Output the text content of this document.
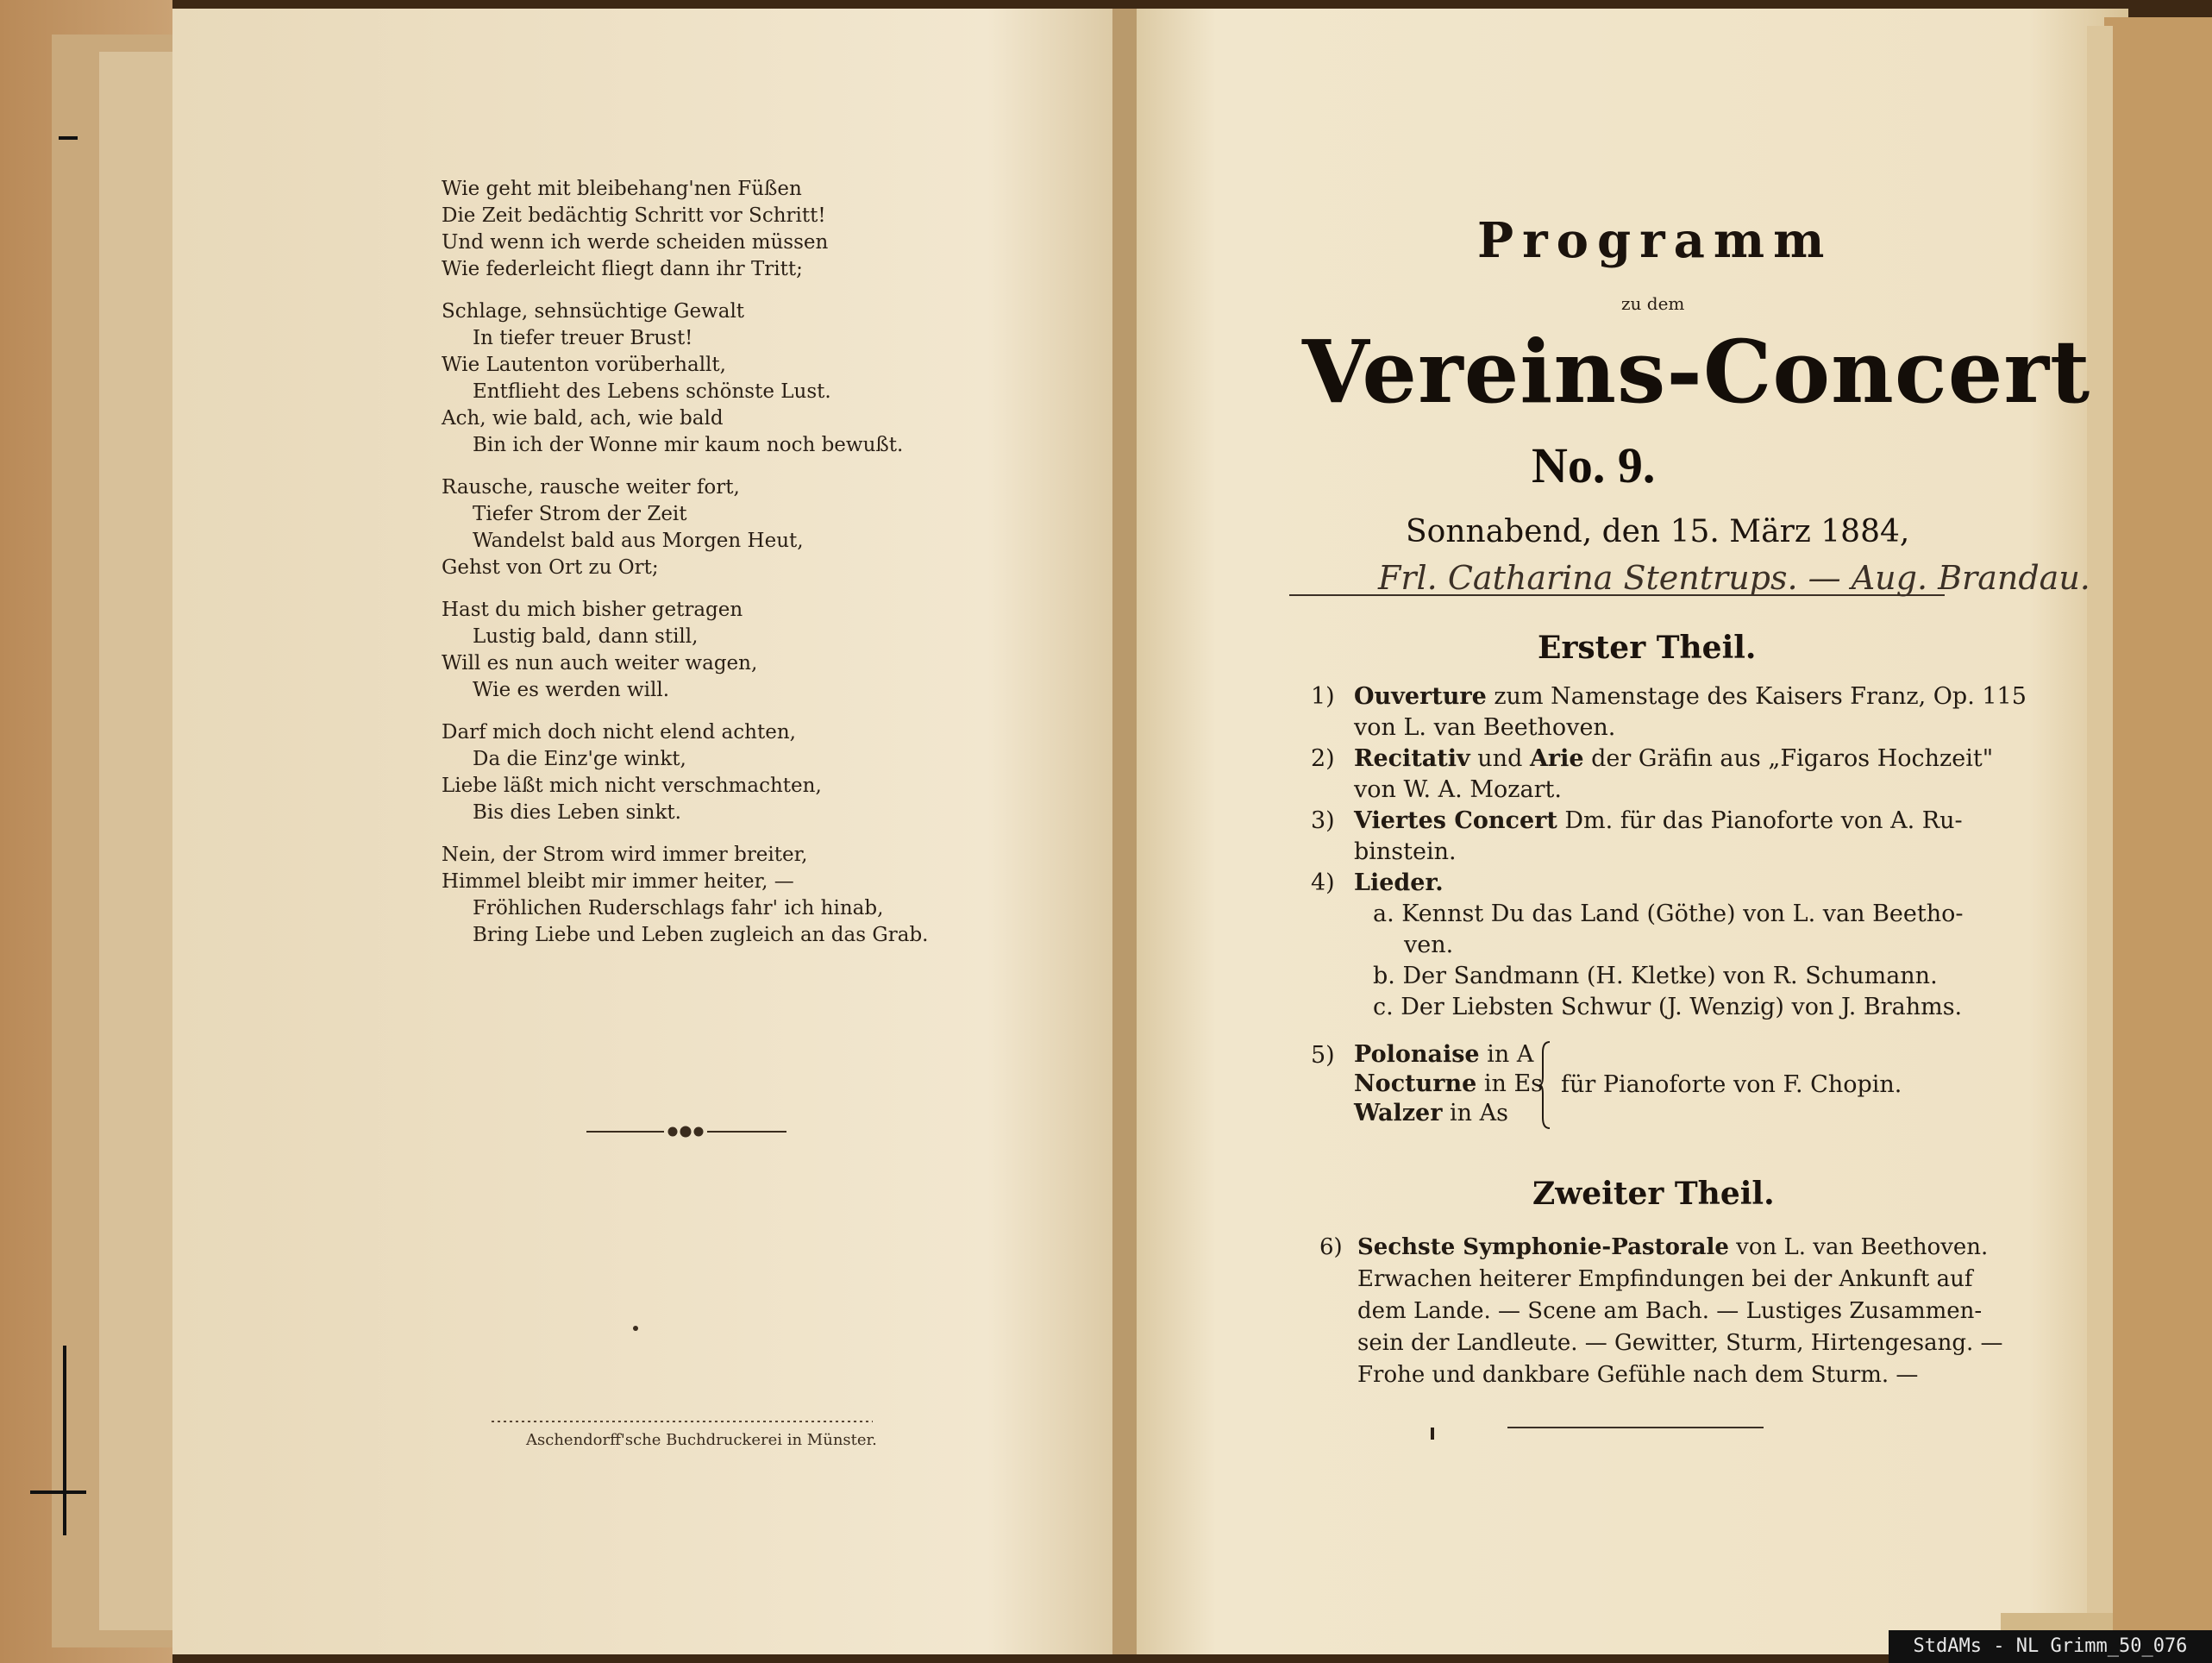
Wie geht mit bleibehang'nen Füßen
Die Zeit bedächtig Schritt vor Schritt!
Und wenn ich werde scheiden müssen
Wie federleicht fliegt dann ihr Tritt;
Schlage, sehnsüchtige Gewalt
In tiefer treuer Brust!
Wie Lautenton vorüberhallt,
Entflieht des Lebens schönste Lust.
Ach, wie bald, ach, wie bald
Bin ich der Wonne mir kaum noch bewußt.
Rausche, rausche weiter fort,
Tiefer Strom der Zeit
Wandelst bald aus Morgen Heut,
Gehst von Ort zu Ort;
Hast du mich bisher getragen
Lustig bald, dann still,
Will es nun auch weiter wagen,
Wie es werden will.
Darf mich doch nicht elend achten,
Da die Einz'ge winkt,
Liebe läßt mich nicht verschmachten,
Bis dies Leben sinkt.
Nein, der Strom wird immer breiter,
Himmel bleibt mir immer heiter, —
Fröhlichen Ruderschlags fahr' ich hinab,
Bring Liebe und Leben zugleich an das Grab.
Aschendorff'sche Buchdruckerei in Münster.
Programm
zu dem
Vereins-Concert
No. 9.
Sonnabend, den 15. März 1884,
Frl. Catharina Stentrups. — Aug. Brandau.
Erster Theil.
1) Ouverture zum Namenstage des Kaisers Franz, Op. 115
von L. van Beethoven.
2) Recitativ und Arie der Gräfin aus „Figaros Hochzeit"
von W. A. Mozart.
3) Viertes Concert Dm. für das Pianoforte von A. Ru-
binstein.
4) Lieder.
a. Kennst Du das Land (Göthe) von L. van Beetho-
ven.
b. Der Sandmann (H. Kletke) von R. Schumann.
c. Der Liebsten Schwur (J. Wenzig) von J. Brahms.
5) Polonaise in A
Nocturne in Es
Walzer in As
für Pianoforte von F. Chopin.
Zweiter Theil.
6) Sechste Symphonie-Pastorale von L. van Beethoven.
Erwachen heiterer Empfindungen bei der Ankunft auf
dem Lande. — Scene am Bach. — Lustiges Zusammen-
sein der Landleute. — Gewitter, Sturm, Hirtengesang. —
Frohe und dankbare Gefühle nach dem Sturm. —
StdAMs - NL Grimm_50_076
